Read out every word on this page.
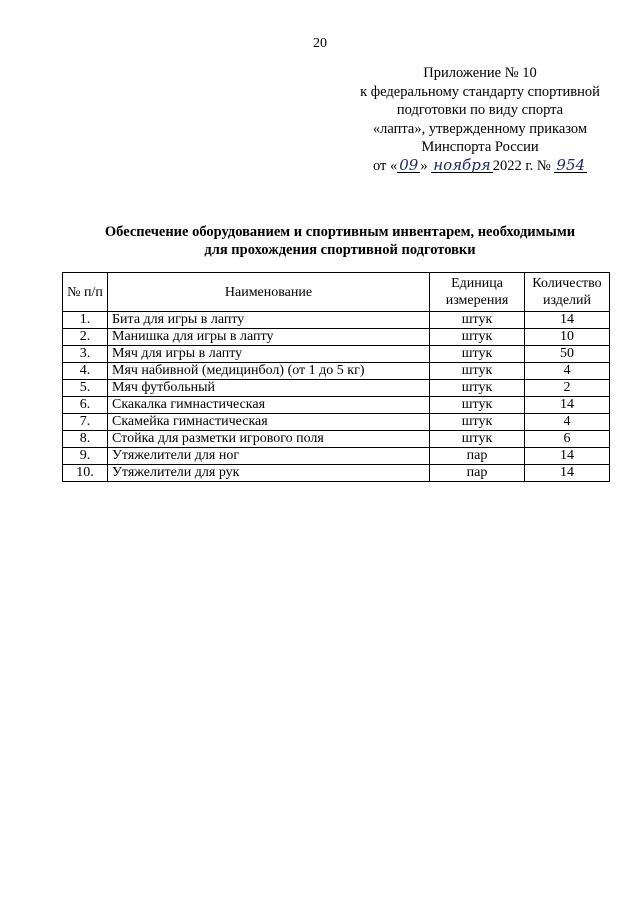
20
Приложение № 10
к федеральному стандарту спортивной
подготовки по виду спорта
«лапта», утвержденному приказом
Минспорта России
от « 09 » ноября 2022 г. № 954
Обеспечение оборудованием и спортивным инвентарем, необходимыми
для прохождения спортивной подготовки
№ п/п	Наименование	Единица измерения	Количество изделий
1.	Бита для игры в лапту	штук	14
2.	Манишка для игры в лапту	штук	10
3.	Мяч для игры в лапту	штук	50
4.	Мяч набивной (медицинбол) (от 1 до 5 кг)	штук	4
5.	Мяч футбольный	штук	2
6.	Скакалка гимнастическая	штук	14
7.	Скамейка гимнастическая	штук	4
8.	Стойка для разметки игрового поля	штук	6
9.	Утяжелители для ног	пар	14
10.	Утяжелители для рук	пар	14
